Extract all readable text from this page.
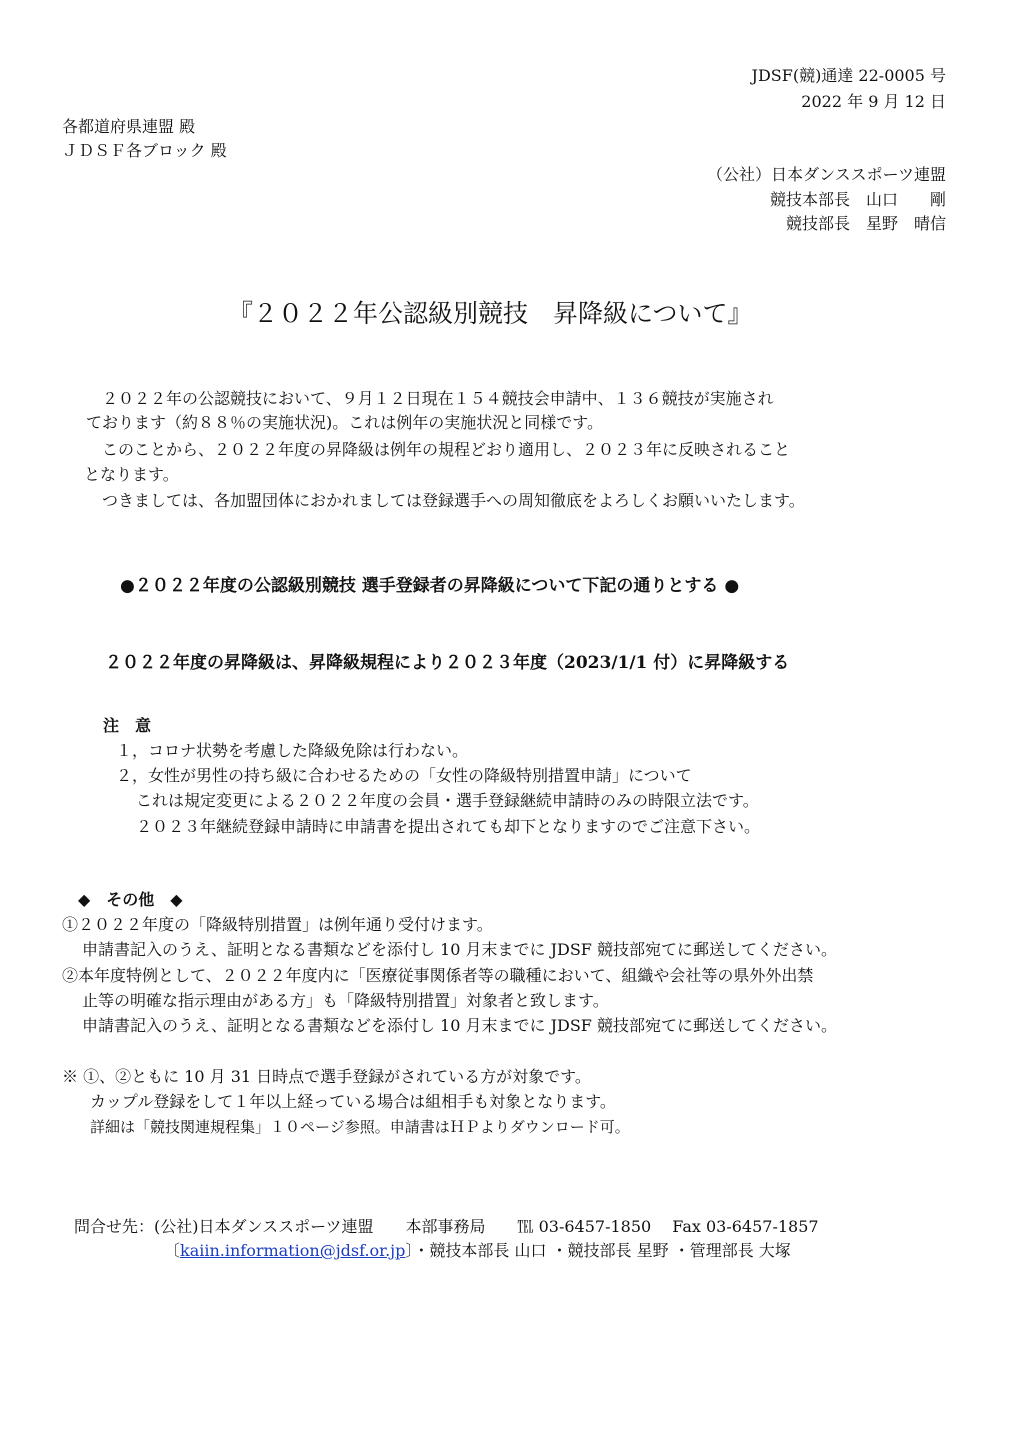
JDSF(競)通達 22-0005 号
2022 年 9 月 12 日
各都道府県連盟 殿
ＪＤＳＦ各ブロック 殿
（公社）日本ダンススポーツ連盟
競技本部長　山口　　剛
競技部長　星野　晴信
『２０２２年公認級別競技　昇降級について』
２０２２年の公認競技において、９月１２日現在１５４競技会申請中、１３６競技が実施され
ております（約８８％の実施状況)。これは例年の実施状況と同様です。
このことから、２０２２年度の昇降級は例年の規程どおり適用し、２０２３年に反映されること
となります。
つきましては、各加盟団体におかれましては登録選手への周知徹底をよろしくお願いいたします。
●２０２２年度の公認級別競技 選手登録者の昇降級について下記の通りとする ●
２０２２年度の昇降級は、昇降級規程により２０２３年度（2023/1/1 付）に昇降級する
注　意
１，コロナ状勢を考慮した降級免除は行わない。
２，女性が男性の持ち級に合わせるための「女性の降級特別措置申請」について
これは規定変更による２０２２年度の会員・選手登録継続申請時のみの時限立法です。
２０２３年継続登録申請時に申請書を提出されても却下となりますのでご注意下さい。
◆　その他　◆
①２０２２年度の「降級特別措置」は例年通り受付けます。
申請書記入のうえ、証明となる書類などを添付し 10 月末までに JDSF 競技部宛てに郵送してください。
②本年度特例として、２０２２年度内に「医療従事関係者等の職種において、組織や会社等の県外外出禁
止等の明確な指示理由がある方」も「降級特別措置」対象者と致します。
申請書記入のうえ、証明となる書類などを添付し 10 月末までに JDSF 競技部宛てに郵送してください。
※ ①、②ともに 10 月 31 日時点で選手登録がされている方が対象です。
カップル登録をして１年以上経っている場合は組相手も対象となります。
詳細は「競技関連規程集」１０ページ参照。申請書はＨＰよりダウンロード可。
問合せ先：(公社)日本ダンススポーツ連盟　　本部事務局　　℡ 03-6457-1850　 Fax 03-6457-1857
〔kaiin.information@jdsf.or.jp〕・競技本部長 山口 ・競技部長 星野 ・管理部長 大塚
